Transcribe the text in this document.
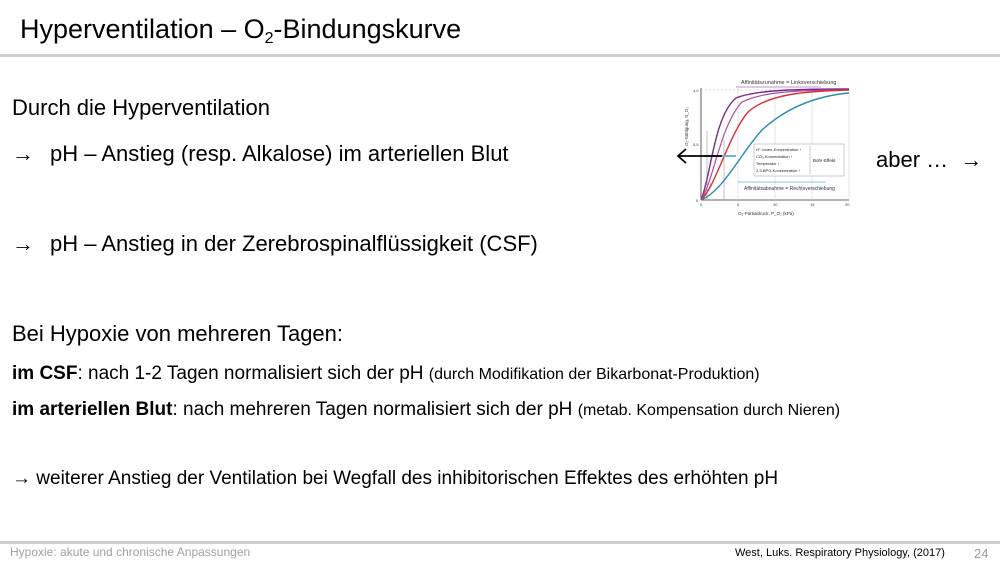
Hyperventilation – $O_2$-Bindungskurve
Durch die Hyperventilation
→ pH – Anstieg (resp. Alkalose) im arteriellen Blut
→ pH – Anstieg in der Zerebrospinalflüssigkeit (CSF)
aber … →
Affinitätszunahme = Linksverschiebung
H⁺-Ionen-Konzentration ↑
CO₂-Konzentration ↑
Temperatur ↑
2,3-BPG-Konzentration ↑
Bohr-Effekt
Affinitätsabnahme = Rechtsverschiebung
O₂-Sättigung, S_O₂
1,0
0,5
0
0	5	10	15	20
O₂-Partialdruck, P_O₂ (kPa)
Bei Hypoxie von mehreren Tagen:
im CSF: nach 1-2 Tagen normalisiert sich der pH (durch Modifikation der Bikarbonat-Produktion)
im arteriellen Blut: nach mehreren Tagen normalisiert sich der pH (metab. Kompensation durch Nieren)
→ weiterer Anstieg der Ventilation bei Wegfall des inhibitorischen Effektes des erhöhten pH
Hypoxie: akute und chronische Anpassungen	West, Luks. Respiratory Physiology, (2017) 24
